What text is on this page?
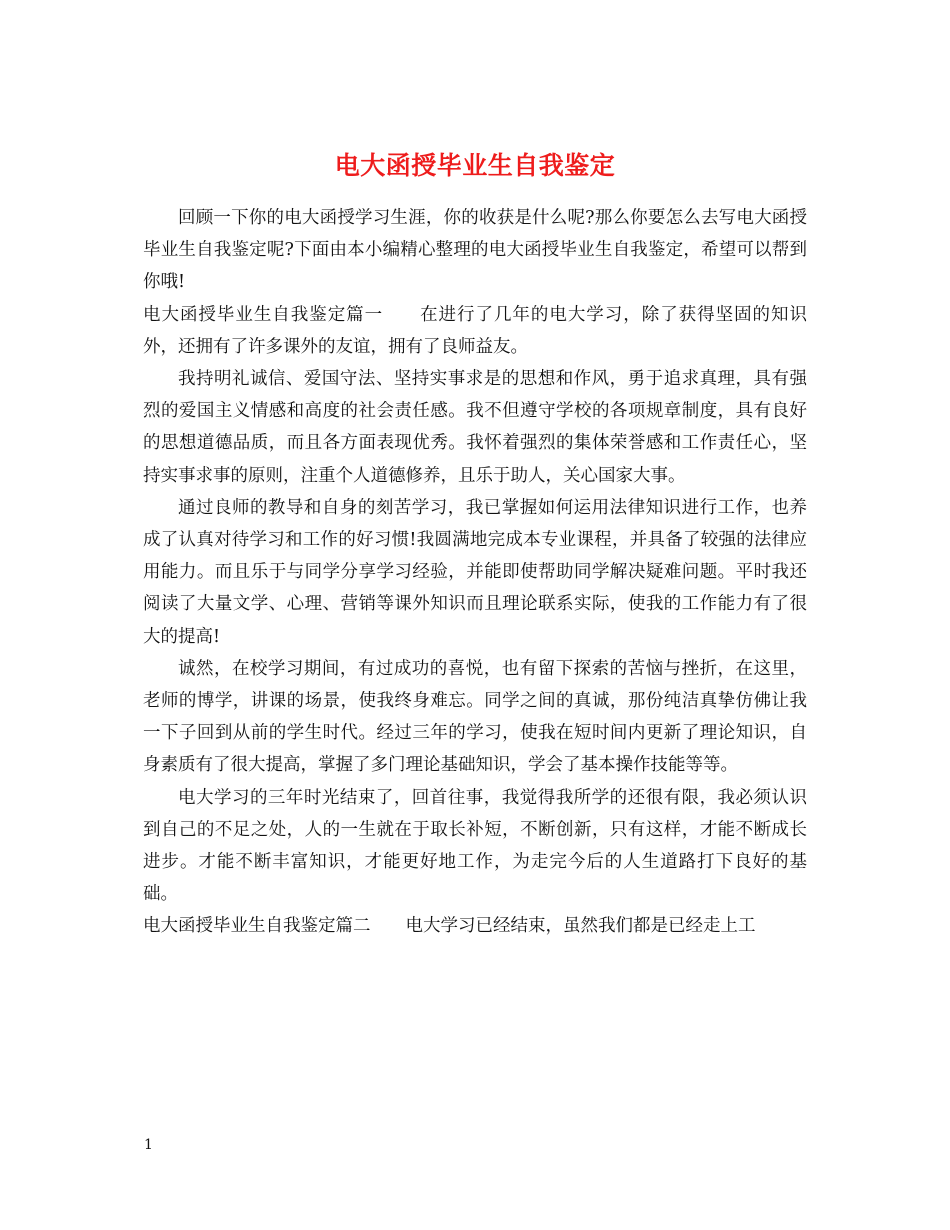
电大函授毕业生自我鉴定

回顾一下你的电大函授学习生涯，你的收获是什么呢?那么你要怎么去写电大函授毕业生自我鉴定呢?下面由本小编精心整理的电大函授毕业生自我鉴定，希望可以帮到你哦!

电大函授毕业生自我鉴定篇一　　在进行了几年的电大学习，除了获得坚固的知识外，还拥有了许多课外的友谊，拥有了良师益友。

我持明礼诚信、爱国守法、坚持实事求是的思想和作风，勇于追求真理，具有强烈的爱国主义情感和高度的社会责任感。我不但遵守学校的各项规章制度，具有良好的思想道德品质，而且各方面表现优秀。我怀着强烈的集体荣誉感和工作责任心，坚持实事求事的原则，注重个人道德修养，且乐于助人，关心国家大事。

通过良师的教导和自身的刻苦学习，我已掌握如何运用法律知识进行工作，也养成了认真对待学习和工作的好习惯!我圆满地完成本专业课程，并具备了较强的法律应用能力。而且乐于与同学分享学习经验，并能即使帮助同学解决疑难问题。平时我还阅读了大量文学、心理、营销等课外知识而且理论联系实际，使我的工作能力有了很大的提高!

诚然，在校学习期间，有过成功的喜悦，也有留下探索的苦恼与挫折，在这里，老师的博学，讲课的场景，使我终身难忘。同学之间的真诚，那份纯洁真挚仿佛让我一下子回到从前的学生时代。经过三年的学习，使我在短时间内更新了理论知识，自身素质有了很大提高，掌握了多门理论基础知识，学会了基本操作技能等等。

电大学习的三年时光结束了，回首往事，我觉得我所学的还很有限，我必须认识到自己的不足之处，人的一生就在于取长补短，不断创新，只有这样，才能不断成长进步。才能不断丰富知识，才能更好地工作，为走完今后的人生道路打下良好的基础。

电大函授毕业生自我鉴定篇二　　电大学习已经结束，虽然我们都是已经走上工

1
